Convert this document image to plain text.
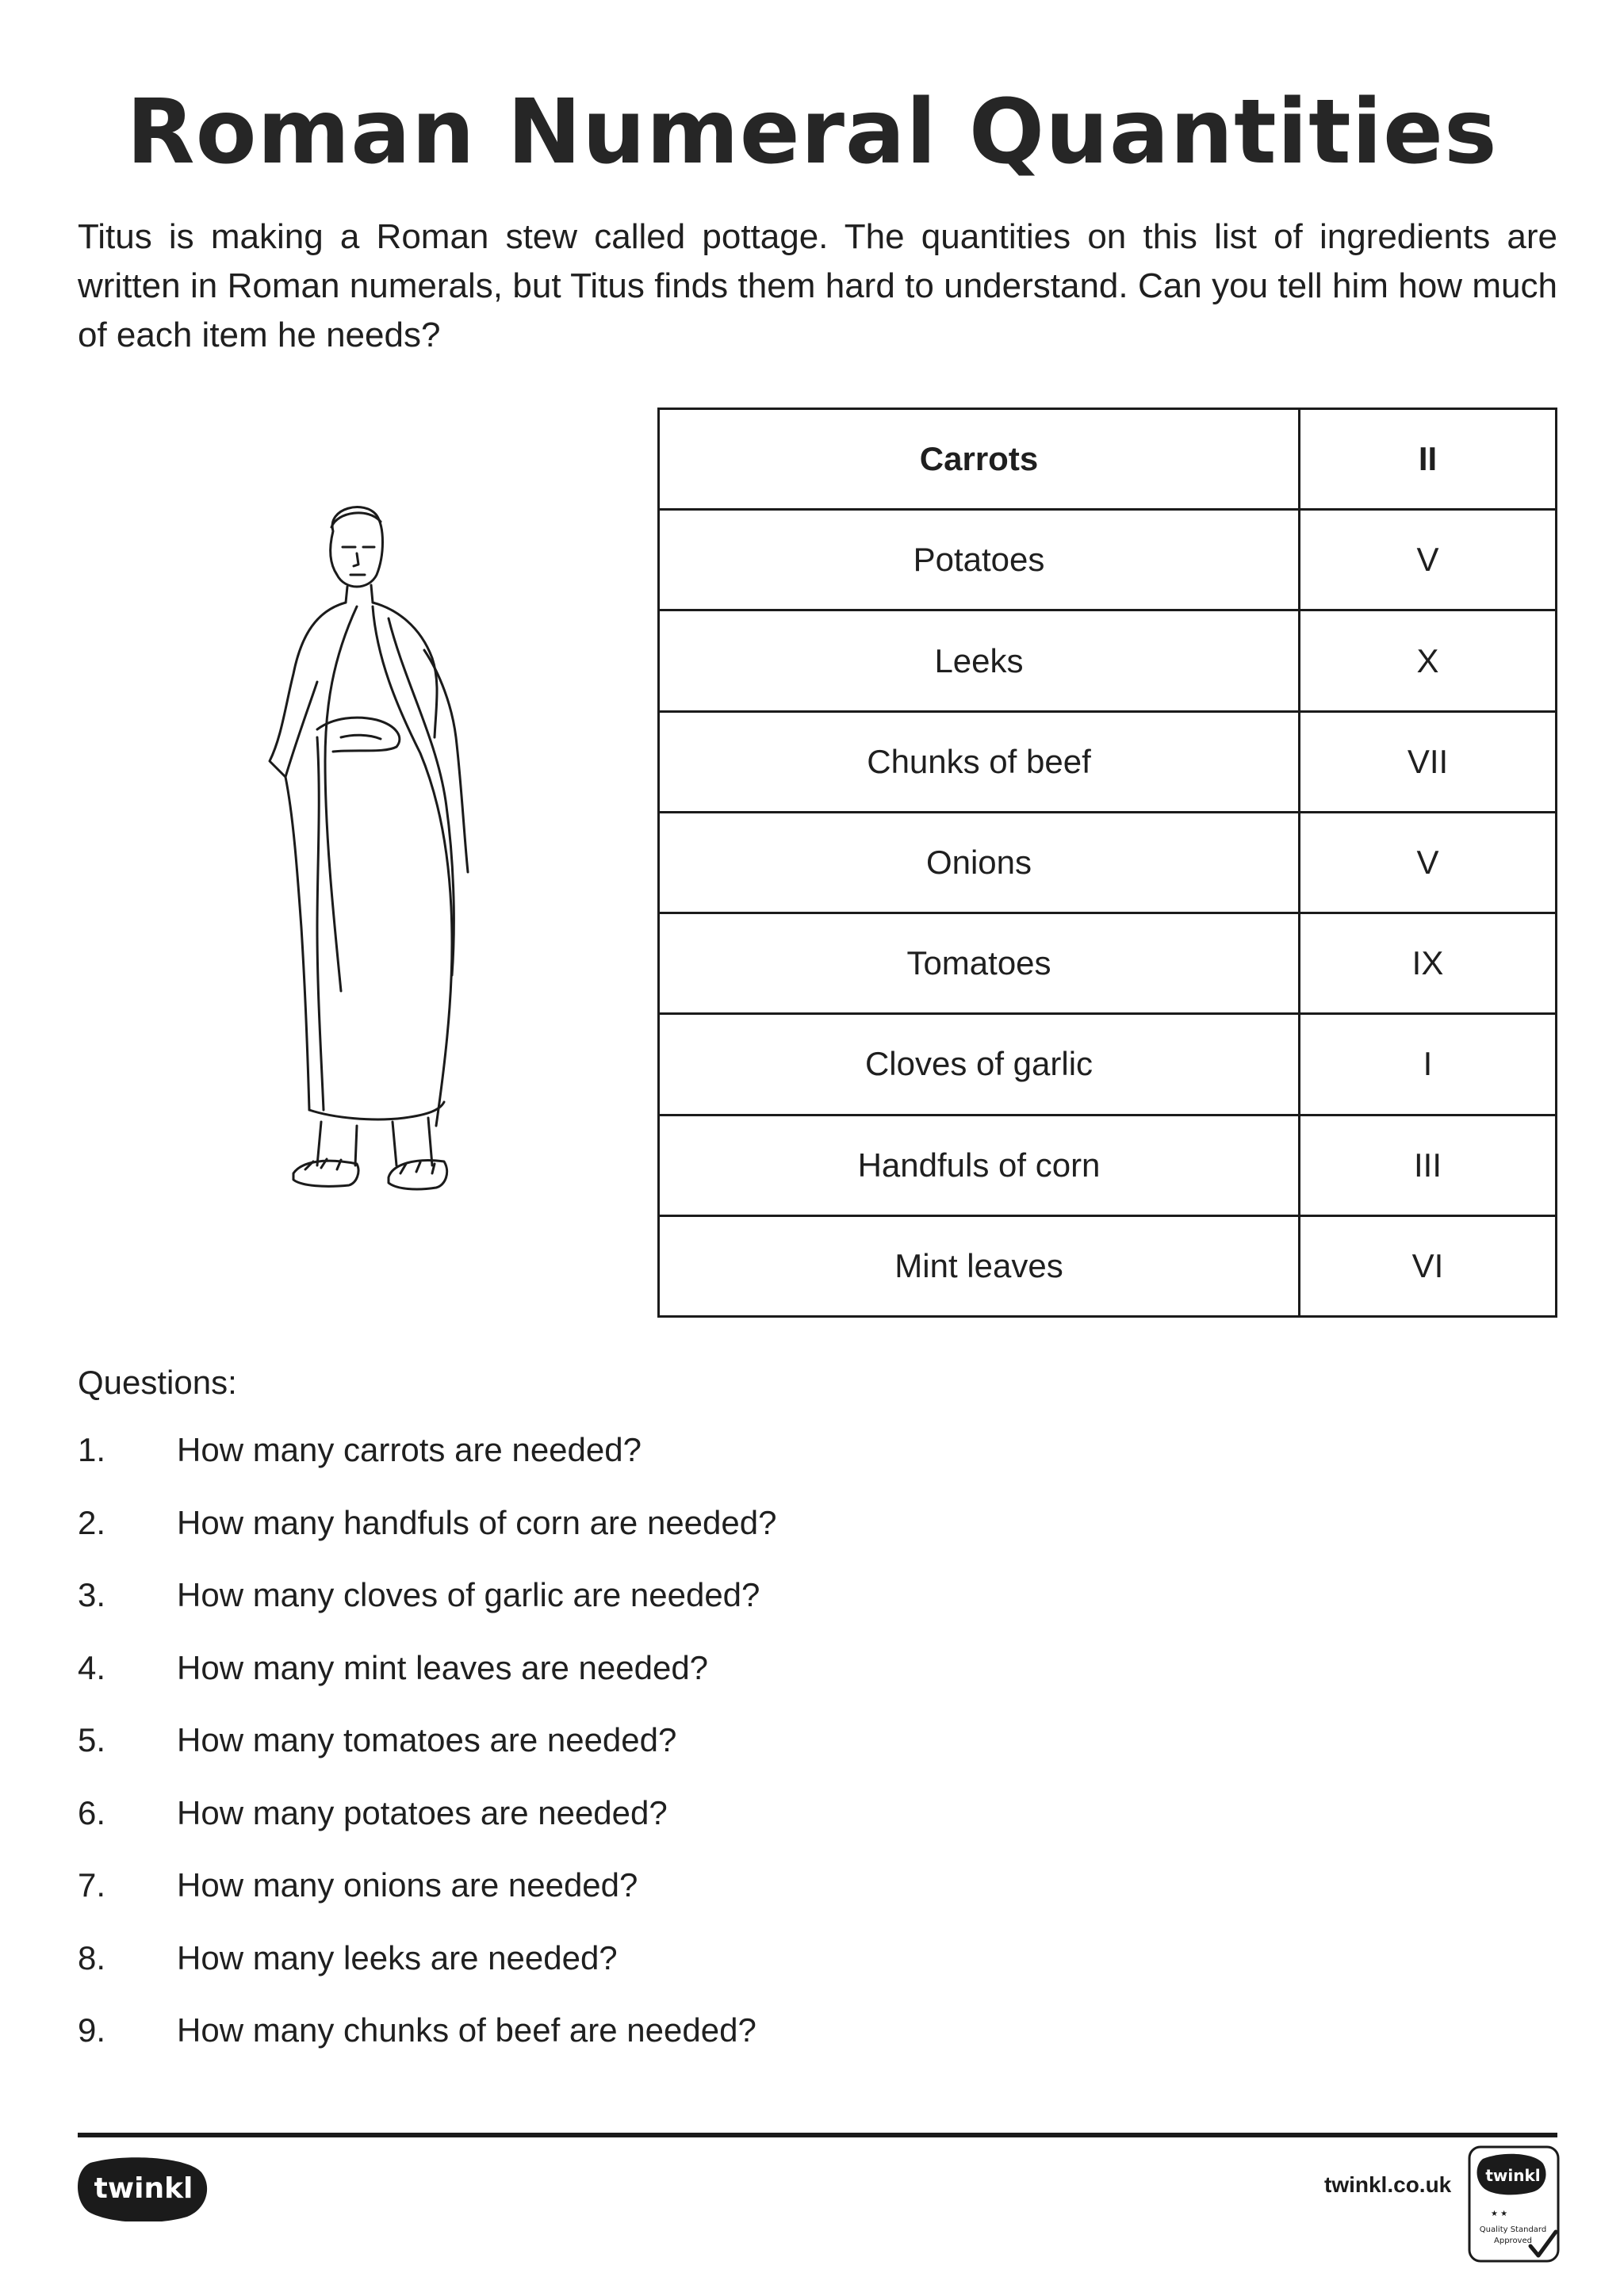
Roman Numeral Quantities
Titus is making a Roman stew called pottage. The quantities on this list of ingredients are written in Roman numerals, but Titus finds them hard to understand. Can you tell him how much of each item he needs?
Carrots	II
Potatoes	V
Leeks	X
Chunks of beef	VII
Onions	V
Tomatoes	IX
Cloves of garlic	I
Handfuls of corn	III
Mint leaves	VI
Questions:
1. How many carrots are needed?
2. How many handfuls of corn are needed?
3. How many cloves of garlic are needed?
4. How many mint leaves are needed?
5. How many tomatoes are needed?
6. How many potatoes are needed?
7. How many onions are needed?
8. How many leeks are needed?
9. How many chunks of beef are needed?
twinkl	twinkl.co.uk twinkl
★ ★
Quality Standard
Approved
